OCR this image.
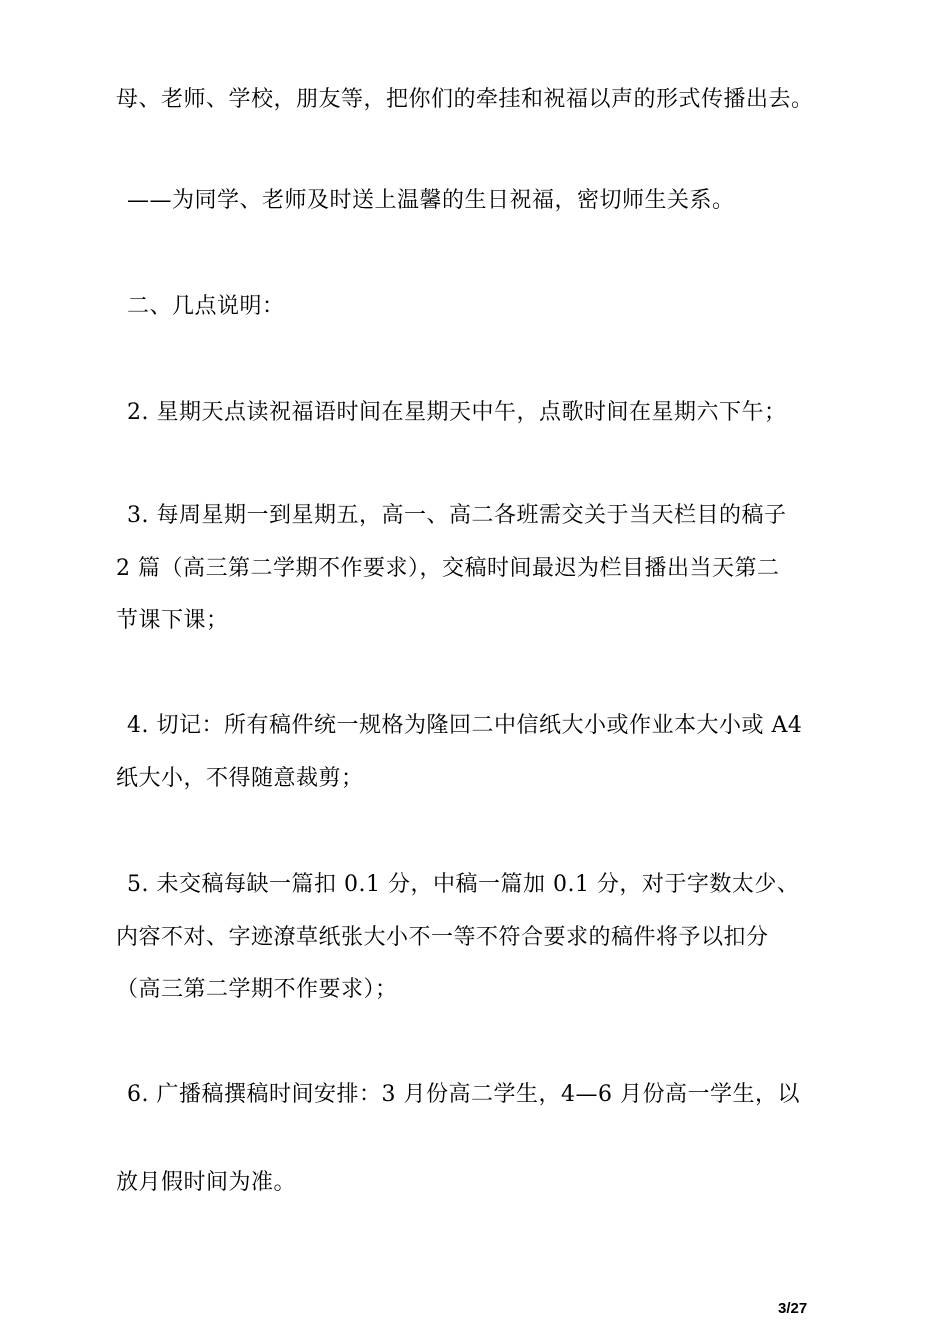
母、老师、学校，朋友等，把你们的牵挂和祝福以声的形式传播出去。
——为同学、老师及时送上温馨的生日祝福，密切师生关系。
二、几点说明：
2. 星期天点读祝福语时间在星期天中午，点歌时间在星期六下午；
3. 每周星期一到星期五，高一、高二各班需交关于当天栏目的稿子
2 篇（高三第二学期不作要求），交稿时间最迟为栏目播出当天第二
节课下课；
4. 切记：所有稿件统一规格为隆回二中信纸大小或作业本大小或 A4
纸大小，不得随意裁剪；
5. 未交稿每缺一篇扣 0.1 分，中稿一篇加 0.1 分，对于字数太少、
内容不对、字迹潦草纸张大小不一等不符合要求的稿件将予以扣分
（高三第二学期不作要求）；
6. 广播稿撰稿时间安排：3 月份高二学生，4—6 月份高一学生，以
放月假时间为准。
3/27
